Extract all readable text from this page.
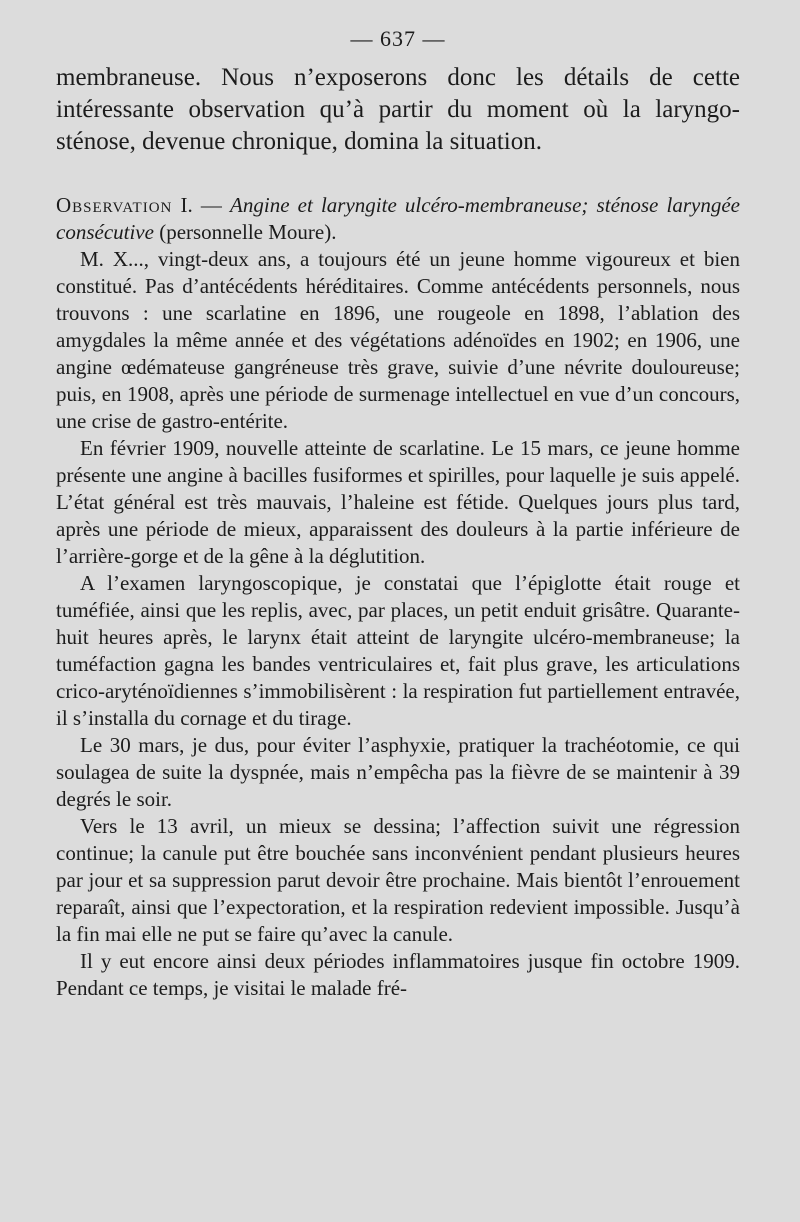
— 637 —

membraneuse. Nous n’exposerons donc les détails de cette intéressante observation qu’à partir du moment où la laryngo-sténose, devenue chronique, domina la situation.

Observation I. — Angine et laryngite ulcéro-membraneuse; sténose laryngée consécutive (personnelle Moure).

M. X..., vingt-deux ans, a toujours été un jeune homme vigoureux et bien constitué. Pas d’antécédents héréditaires. Comme antécédents personnels, nous trouvons : une scarlatine en 1896, une rougeole en 1898, l’ablation des amygdales la même année et des végétations adénoïdes en 1902; en 1906, une angine œdémateuse gangréneuse très grave, suivie d’une névrite douloureuse; puis, en 1908, après une période de surmenage intellectuel en vue d’un concours, une crise de gastro-entérite.

En février 1909, nouvelle atteinte de scarlatine. Le 15 mars, ce jeune homme présente une angine à bacilles fusiformes et spirilles, pour laquelle je suis appelé. L’état général est très mauvais, l’haleine est fétide. Quelques jours plus tard, après une période de mieux, apparaissent des douleurs à la partie inférieure de l’arrière-gorge et de la gêne à la déglutition.

A l’examen laryngoscopique, je constatai que l’épiglotte était rouge et tuméfiée, ainsi que les replis, avec, par places, un petit enduit grisâtre. Quarante-huit heures après, le larynx était atteint de laryngite ulcéro-membraneuse; la tuméfaction gagna les bandes ventriculaires et, fait plus grave, les articulations crico-aryténoïdiennes s’immobilisèrent : la respiration fut partiellement entravée, il s’installa du cornage et du tirage.

Le 30 mars, je dus, pour éviter l’asphyxie, pratiquer la trachéotomie, ce qui soulagea de suite la dyspnée, mais n’empêcha pas la fièvre de se maintenir à 39 degrés le soir.

Vers le 13 avril, un mieux se dessina; l’affection suivit une régression continue; la canule put être bouchée sans inconvénient pendant plusieurs heures par jour et sa suppression parut devoir être prochaine. Mais bientôt l’enrouement reparaît, ainsi que l’expectoration, et la respiration redevient impossible. Jusqu’à la fin mai elle ne put se faire qu’avec la canule.

Il y eut encore ainsi deux périodes inflammatoires jusque fin octobre 1909. Pendant ce temps, je visitai le malade fré-
